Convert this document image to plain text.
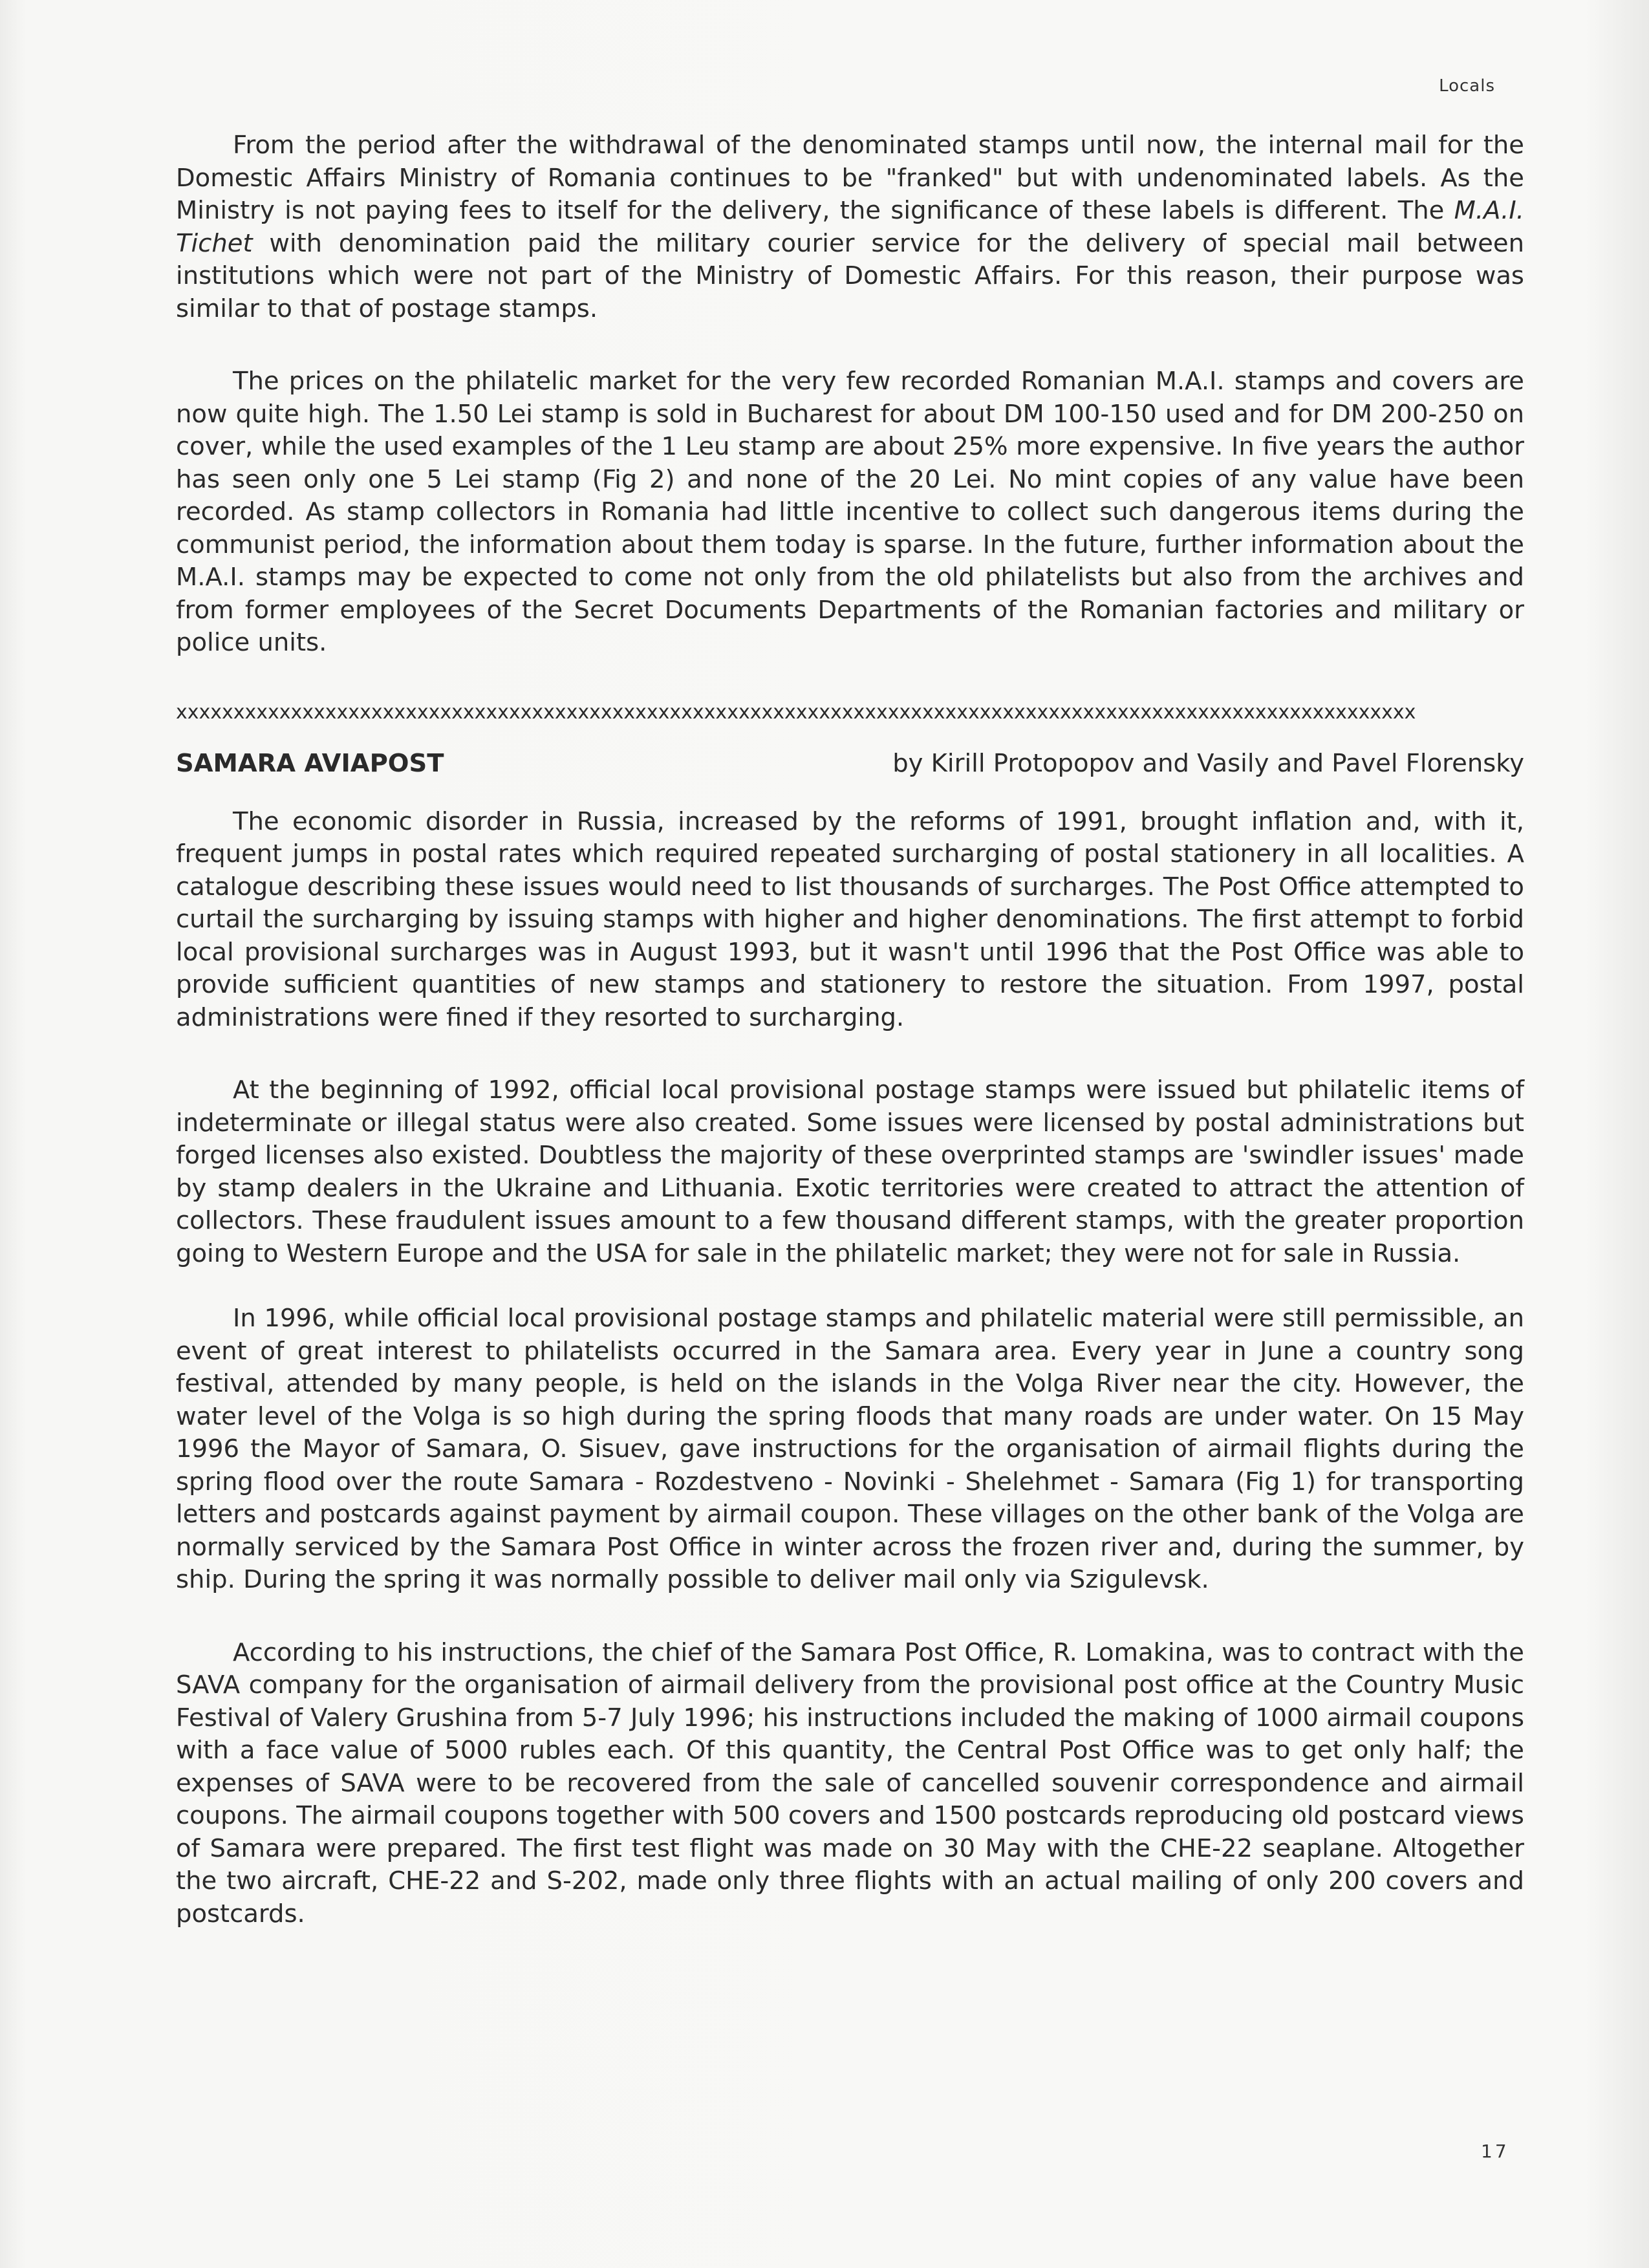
Locals

From the period after the withdrawal of the denominated stamps until now, the internal mail for the Domestic Affairs Ministry of Romania continues to be "franked" but with undenominated labels. As the Ministry is not paying fees to itself for the delivery, the significance of these labels is different. The M.A.I. Tichet with denomination paid the military courier service for the delivery of special mail between institutions which were not part of the Ministry of Domestic Affairs. For this reason, their purpose was similar to that of postage stamps.

The prices on the philatelic market for the very few recorded Romanian M.A.I. stamps and covers are now quite high. The 1.50 Lei stamp is sold in Bucharest for about DM 100-150 used and for DM 200-250 on cover, while the used examples of the 1 Leu stamp are about 25% more expensive. In five years the author has seen only one 5 Lei stamp (Fig 2) and none of the 20 Lei. No mint copies of any value have been recorded. As stamp collectors in Romania had little incentive to collect such dangerous items during the communist period, the information about them today is sparse. In the future, further information about the M.A.I. stamps may be expected to come not only from the old philatelists but also from the archives and from former employees of the Secret Documents Departments of the Romanian factories and military or police units.

xxxxxxxxxxxxxxxxxxxxxxxxxxxxxxxxxxxxxxxxxxxxxxxxxxxxxxxxxxxxxxxxxxxxxxxxxxxxxxxxxxxxxxxxxxxxxxxxxxxxxxxxxxxx
SAMARA AVIAPOST	by Kirill Protopopov and Vasily and Pavel Florensky

The economic disorder in Russia, increased by the reforms of 1991, brought inflation and, with it, frequent jumps in postal rates which required repeated surcharging of postal stationery in all localities. A catalogue describing these issues would need to list thousands of surcharges. The Post Office attempted to curtail the surcharging by issuing stamps with higher and higher denominations. The first attempt to forbid local provisional surcharges was in August 1993, but it wasn't until 1996 that the Post Office was able to provide sufficient quantities of new stamps and stationery to restore the situation. From 1997, postal administrations were fined if they resorted to surcharging.

At the beginning of 1992, official local provisional postage stamps were issued but philatelic items of indeterminate or illegal status were also created. Some issues were licensed by postal administrations but forged licenses also existed. Doubtless the majority of these overprinted stamps are 'swindler issues' made by stamp dealers in the Ukraine and Lithuania. Exotic territories were created to attract the attention of collectors. These fraudulent issues amount to a few thousand different stamps, with the greater proportion going to Western Europe and the USA for sale in the philatelic market; they were not for sale in Russia.

In 1996, while official local provisional postage stamps and philatelic material were still permissible, an event of great interest to philatelists occurred in the Samara area. Every year in June a country song festival, attended by many people, is held on the islands in the Volga River near the city. However, the water level of the Volga is so high during the spring floods that many roads are under water. On 15 May 1996 the Mayor of Samara, O. Sisuev, gave instructions for the organisation of airmail flights during the spring flood over the route Samara - Rozdestveno - Novinki - Shelehmet - Samara (Fig 1) for transporting letters and postcards against payment by airmail coupon. These villages on the other bank of the Volga are normally serviced by the Samara Post Office in winter across the frozen river and, during the summer, by ship. During the spring it was normally possible to deliver mail only via Szigulevsk.

According to his instructions, the chief of the Samara Post Office, R. Lomakina, was to contract with the SAVA company for the organisation of airmail delivery from the provisional post office at the Country Music Festival of Valery Grushina from 5-7 July 1996; his instructions included the making of 1000 airmail coupons with a face value of 5000 rubles each. Of this quantity, the Central Post Office was to get only half; the expenses of SAVA were to be recovered from the sale of cancelled souvenir correspondence and airmail coupons. The airmail coupons together with 500 covers and 1500 postcards reproducing old postcard views of Samara were prepared. The first test flight was made on 30 May with the CHE-22 seaplane. Altogether the two aircraft, CHE-22 and S-202, made only three flights with an actual mailing of only 200 covers and postcards.

17
